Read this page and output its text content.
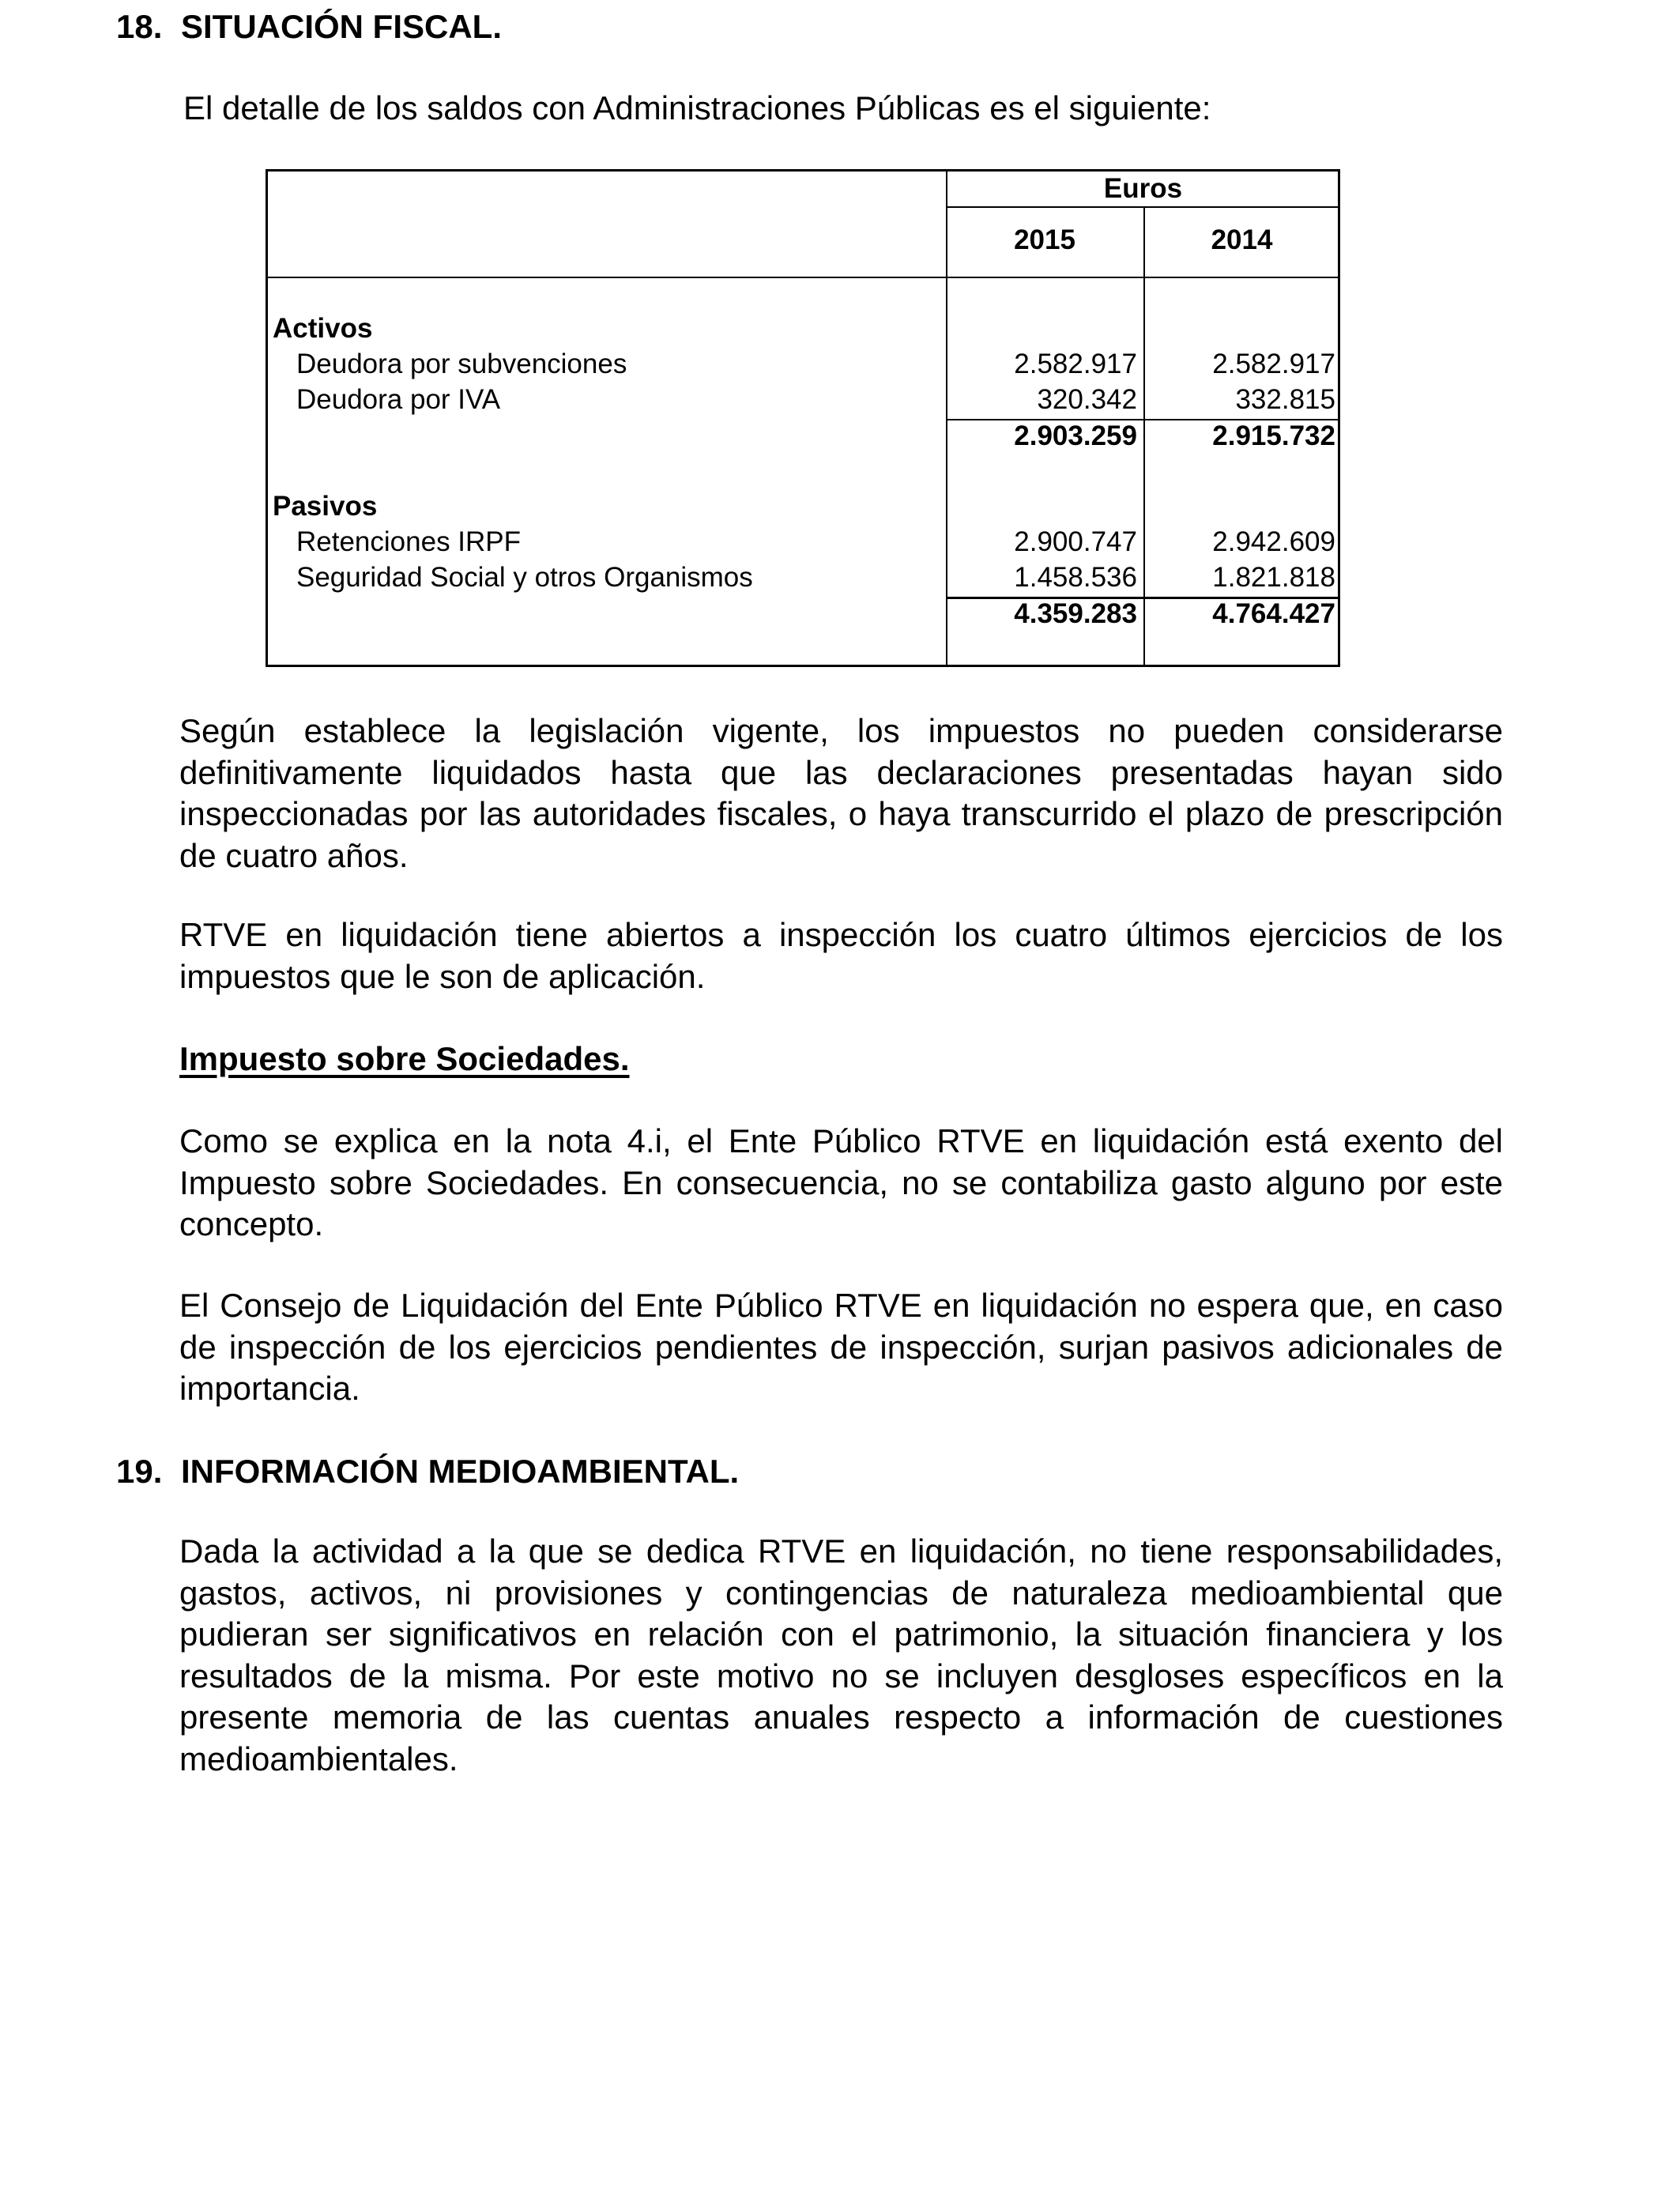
18. SITUACIÓN FISCAL.
El detalle de los saldos con Administraciones Públicas es el siguiente:
Euros
2015	2014
Activos
Deudora por subvenciones	2.582.917	2.582.917
Deudora por IVA	320.342	332.815
2.903.259	2.915.732
Pasivos
Retenciones IRPF	2.900.747	2.942.609
Seguridad Social y otros Organismos	1.458.536	1.821.818
4.359.283	4.764.427
Según establece la legislación vigente, los impuestos no pueden considerarse definitivamente liquidados hasta que las declaraciones presentadas hayan sido inspeccionadas por las autoridades fiscales, o haya transcurrido el plazo de prescripción de cuatro años.
RTVE en liquidación tiene abiertos a inspección los cuatro últimos ejercicios de los impuestos que le son de aplicación.
Impuesto sobre Sociedades.
Como se explica en la nota 4.i, el Ente Público RTVE en liquidación está exento del Impuesto sobre Sociedades. En consecuencia, no se contabiliza gasto alguno por este concepto.
El Consejo de Liquidación del Ente Público RTVE en liquidación no espera que, en caso de inspección de los ejercicios pendientes de inspección, surjan pasivos adicionales de importancia.
19. INFORMACIÓN MEDIOAMBIENTAL.
Dada la actividad a la que se dedica RTVE en liquidación, no tiene responsabilidades, gastos, activos, ni provisiones y contingencias de naturaleza medioambiental que pudieran ser significativos en relación con el patrimonio, la situación financiera y los resultados de la misma. Por este motivo no se incluyen desgloses específicos en la presente memoria de las cuentas anuales respecto a información de cuestiones medioambientales.
